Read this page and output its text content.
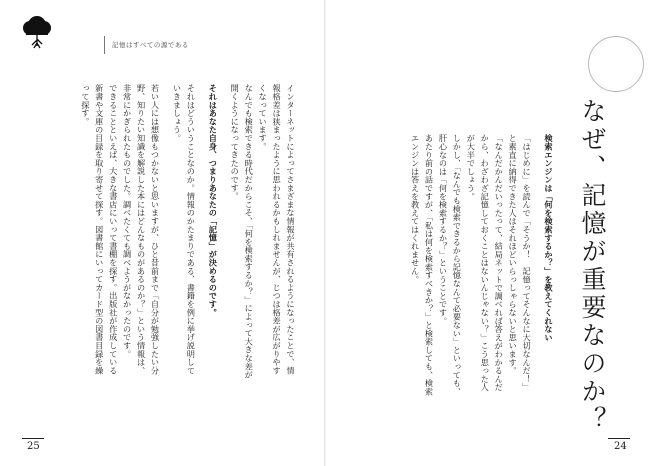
記憶はすべての源である
インターネットによってさまざまな情報が共有されるようになったことで、情報格差は狭まったように思われるかもしれませんが、じつは格差が広がりやすくなっています。
なんでも検索できる時代だからこそ、「何を検索するか？」によって大きな差が開くようになってきたのです。
それはあなた自身、つまりあなたの「記憶」が決めるのです。
それはどういうことなのか。情報のかたまりである、書籍を例に挙げ説明していきましょう。
若い人には想像もつかないと思いますが、ひと昔前まで「自分が勉強したい分野、知りたい知識を解説した本にはどんなものがあるのか？」という情報は、非常にかぎられたものでした。調べたくても調べようがなかったのです。
できることといえば、大きな書店にいって書棚を探す。出版社が作成している新書や文庫の目録を取り寄せて探す。図書館にいってカード型の図書目録を繰って探す。
25
なぜ、記憶が重要なのか？
検索エンジンは「何を検索するか？」を教えてくれない
「はじめに」を読んで「そうか！　記憶ってそんなに大切なんだ！」と素直に納得できた人はそれほどいらっしゃらないと思います。
「なんだかんだいったって、結局ネットで調べれば答えがわかるんだから、わざわざ記憶しておくことはないんじゃない？」こう思った人が大半でしょう。
しかし、「なんでも検索できるから記憶なんて必要ない」といっても、肝心なのは「何を検索するか？」ということです。
あたり前の話ですが、「私は何を検索すべきか？」と検索しても、検索エンジンは答えを教えてはくれません。
24
